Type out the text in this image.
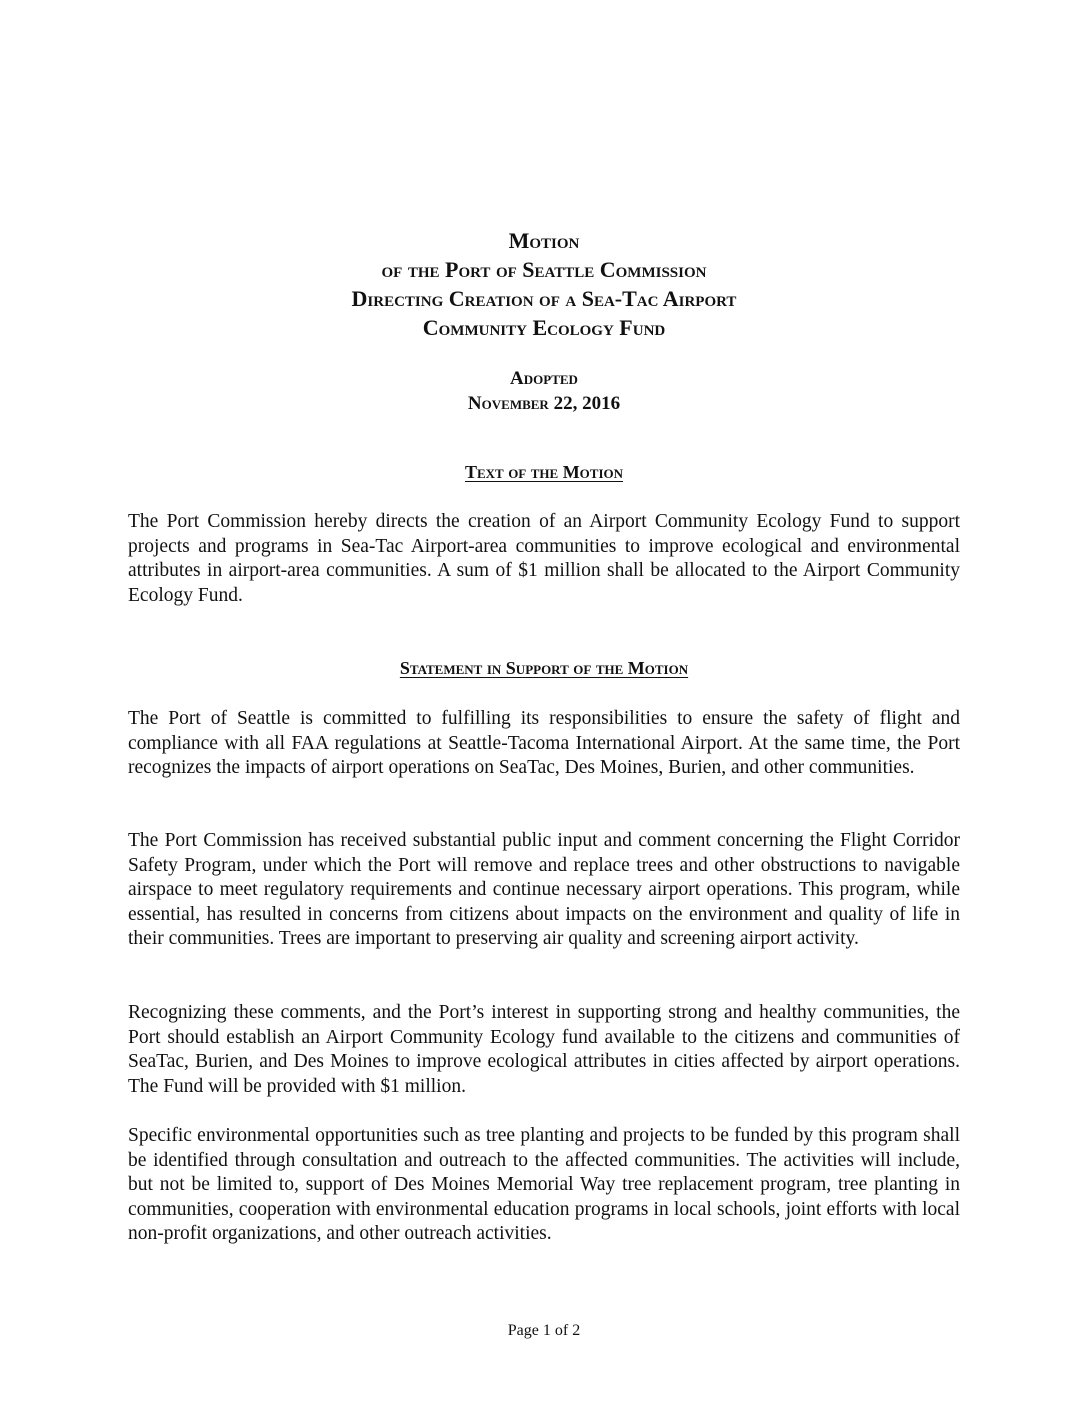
Motion
of the Port of Seattle Commission
Directing Creation of a Sea-Tac Airport
Community Ecology Fund
Adopted
November 22, 2016
Text of the Motion

The Port Commission hereby directs the creation of an Airport Community Ecology Fund to support projects and programs in Sea-Tac Airport-area communities to improve ecological and environmental attributes in airport-area communities. A sum of $1 million shall be allocated to the Airport Community Ecology Fund.

Statement in Support of the Motion

The Port of Seattle is committed to fulfilling its responsibilities to ensure the safety of flight and compliance with all FAA regulations at Seattle-Tacoma International Airport. At the same time, the Port recognizes the impacts of airport operations on SeaTac, Des Moines, Burien, and other communities.

The Port Commission has received substantial public input and comment concerning the Flight Corridor Safety Program, under which the Port will remove and replace trees and other obstructions to navigable airspace to meet regulatory requirements and continue necessary airport operations. This program, while essential, has resulted in concerns from citizens about impacts on the environment and quality of life in their communities. Trees are important to preserving air quality and screening airport activity.

Recognizing these comments, and the Port’s interest in supporting strong and healthy communities, the Port should establish an Airport Community Ecology fund available to the citizens and communities of SeaTac, Burien, and Des Moines to improve ecological attributes in cities affected by airport operations. The Fund will be provided with $1 million.

Specific environmental opportunities such as tree planting and projects to be funded by this program shall be identified through consultation and outreach to the affected communities. The activities will include, but not be limited to, support of Des Moines Memorial Way tree replacement program, tree planting in communities, cooperation with environmental education programs in local schools, joint efforts with local non-profit organizations, and other outreach activities.

Page 1 of 2
